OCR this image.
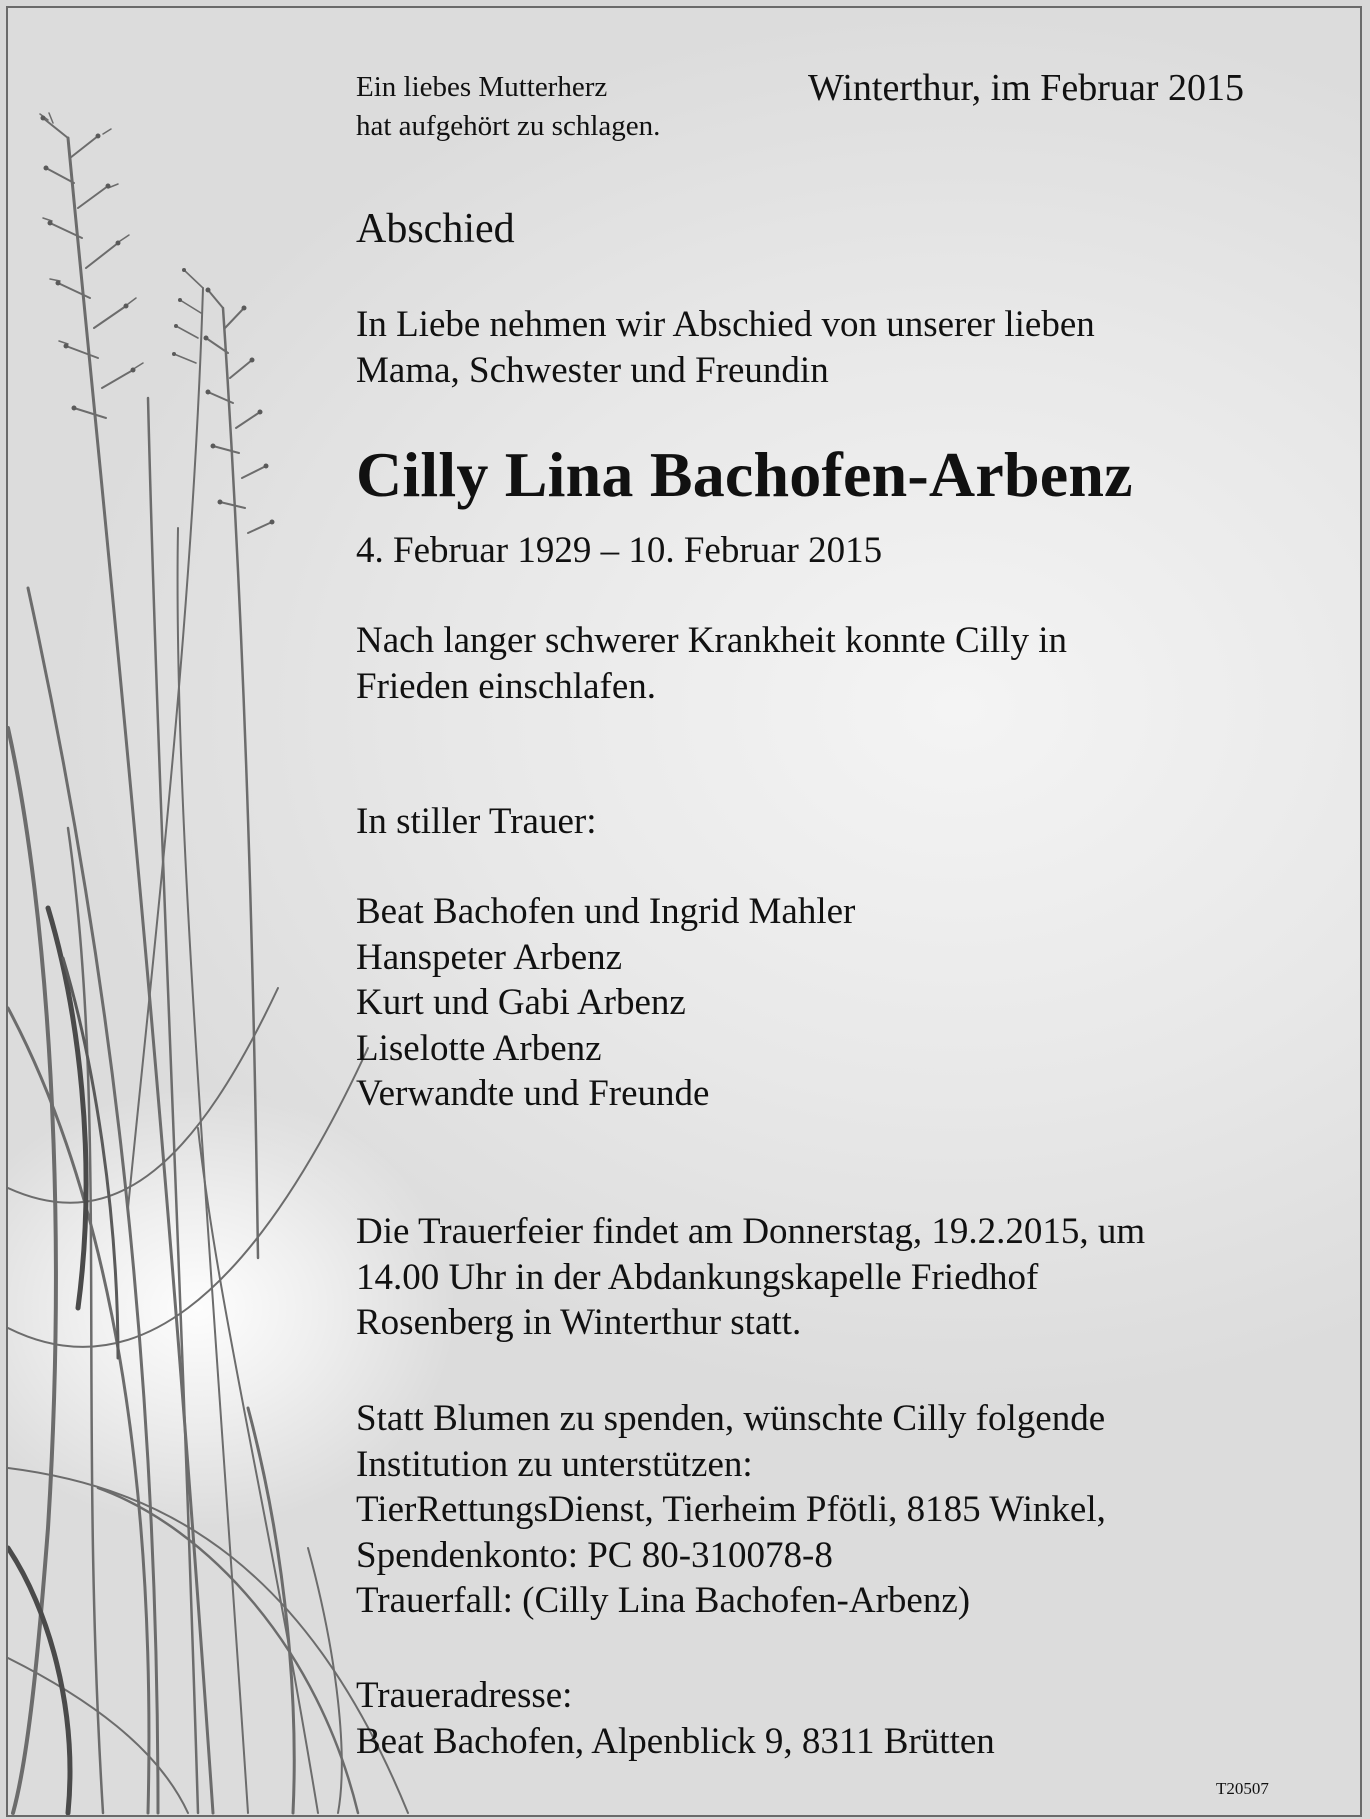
Ein liebes Mutterherz
hat aufgehört zu schlagen.
Winterthur, im Februar 2015
Abschied
In Liebe nehmen wir Abschied von unserer lieben
Mama, Schwester und Freundin
Cilly Lina Bachofen-Arbenz
4. Februar 1929 – 10. Februar 2015
Nach langer schwerer Krankheit konnte Cilly in
Frieden einschlafen.
In stiller Trauer:
Beat Bachofen und Ingrid Mahler
Hanspeter Arbenz
Kurt und Gabi Arbenz
Liselotte Arbenz
Verwandte und Freunde
Die Trauerfeier findet am Donnerstag, 19.2.2015, um
14.00 Uhr in der Abdankungskapelle Friedhof
Rosenberg in Winterthur statt.
Statt Blumen zu spenden, wünschte Cilly folgende
Institution zu unterstützen:
TierRettungsDienst, Tierheim Pfötli, 8185 Winkel,
Spendenkonto: PC 80-310078-8
Trauerfall: (Cilly Lina Bachofen-Arbenz)
Traueradresse:
Beat Bachofen, Alpenblick 9, 8311 Brütten
T20507
